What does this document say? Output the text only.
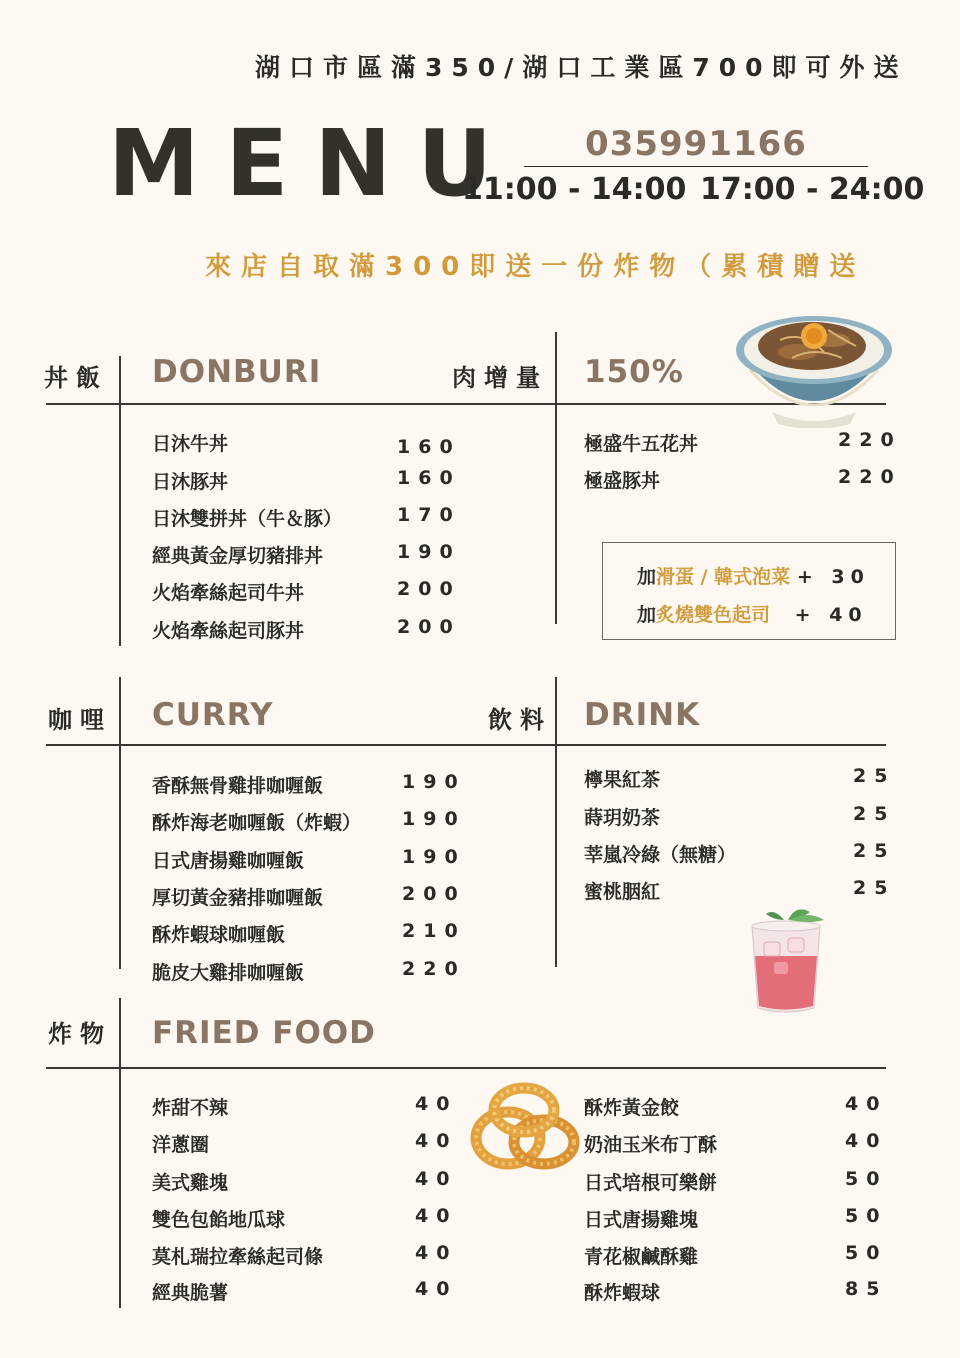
湖口市區滿350/湖口工業區700即可外送
MENU	035991166
11:00 - 14:00 17:00 - 24:00
來店自取滿300即送一份炸物（累積贈送
丼飯 DONBURI	肉增量 150%
日沐牛丼	160
日沐豚丼	160
日沐雙拼丼（牛＆豚）	170
經典黃金厚切豬排丼	190
火焰牽絲起司牛丼	200
火焰牽絲起司豚丼	200
極盛牛五花丼	220
極盛豚丼	220
加滑蛋 / 韓式泡菜 + 30
加炙燒雙色起司 + 40
咖哩 CURRY	飲料 DRINK
香酥無骨雞排咖喱飯	190
酥炸海老咖喱飯（炸蝦） 190
日式唐揚雞咖喱飯	190
厚切黃金豬排咖喱飯	200
酥炸蝦球咖喱飯	210
脆皮大雞排咖喱飯	220
檸果紅茶	25
蒔玥奶茶	25
莘嵐冷綠（無糖）	25
蜜桃胭紅	25
炸物 FRIED FOOD
炸甜不辣	40
洋蔥圈	40
美式雞塊	40
雙色包餡地瓜球	40
莫札瑞拉牽絲起司條	40
經典脆薯	40
酥炸黃金餃	40
奶油玉米布丁酥	40
日式培根可樂餅	50
日式唐揚雞塊	50
青花椒鹹酥雞	50
酥炸蝦球	85
